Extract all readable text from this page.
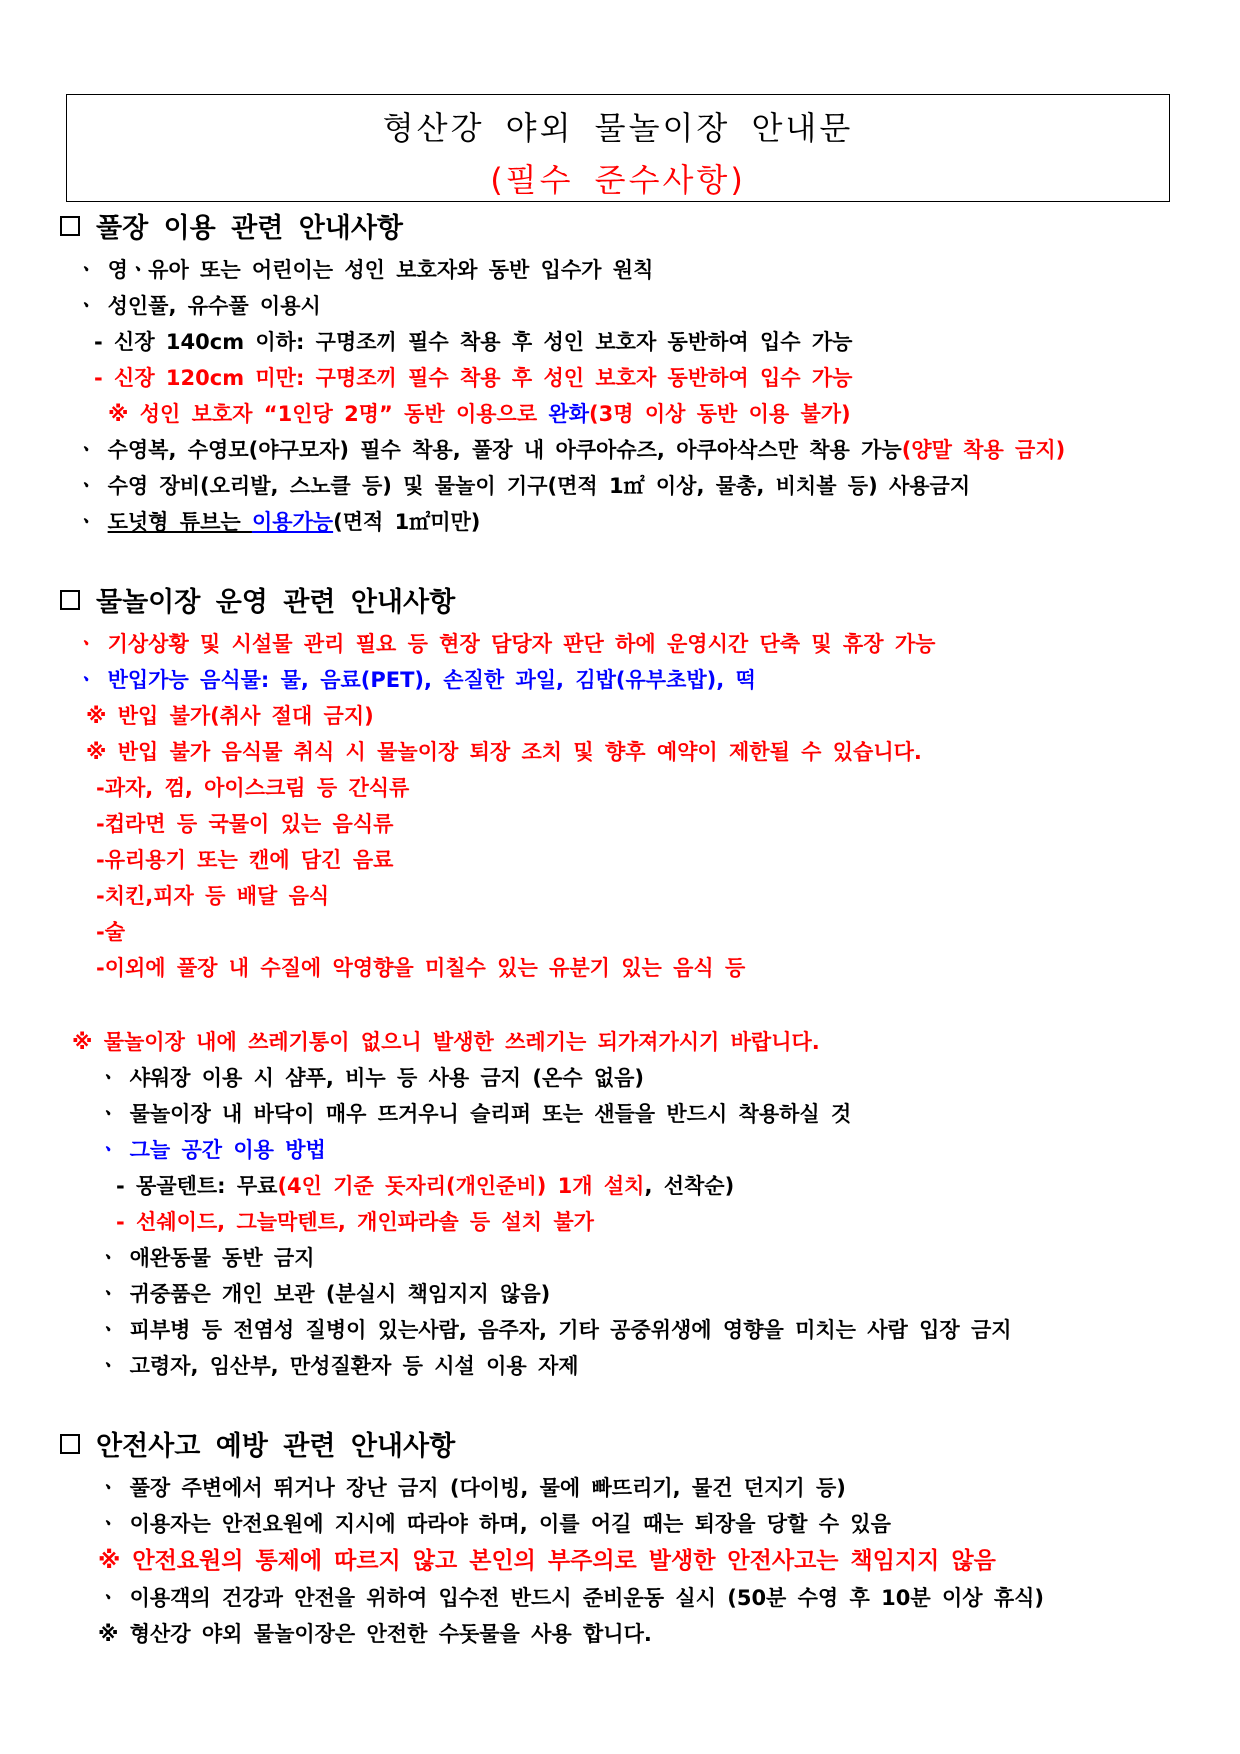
형산강 야외 물놀이장 안내문
(필수 준수사항)
풀장 이용 관련 안내사항
ㆍ 영ㆍ유아 또는 어린이는 성인 보호자와 동반 입수가 원칙
ㆍ 성인풀, 유수풀 이용시
- 신장 140cm 이하: 구명조끼 필수 착용 후 성인 보호자 동반하여 입수 가능
- 신장 120cm 미만: 구명조끼 필수 착용 후 성인 보호자 동반하여 입수 가능
※ 성인 보호자 “1인당 2명” 동반 이용으로 완화(3명 이상 동반 이용 불가)
ㆍ 수영복, 수영모(야구모자) 필수 착용, 풀장 내 아쿠아슈즈, 아쿠아삭스만 착용 가능(양말 착용 금지)
ㆍ 수영 장비(오리발, 스노클 등) 및 물놀이 기구(면적 1㎡ 이상, 물총, 비치볼 등) 사용금지
ㆍ 도넛형 튜브는 이용가능(면적 1㎡미만)
물놀이장 운영 관련 안내사항
ㆍ 기상상황 및 시설물 관리 필요 등 현장 담당자 판단 하에 운영시간 단축 및 휴장 가능
ㆍ 반입가능 음식물: 물, 음료(PET), 손질한 과일, 김밥(유부초밥), 떡
※ 반입 불가(취사 절대 금지)
※ 반입 불가 음식물 취식 시 물놀이장 퇴장 조치 및 향후 예약이 제한될 수 있습니다.
-과자, 껌, 아이스크림 등 간식류
-컵라면 등 국물이 있는 음식류
-유리용기 또는 캔에 담긴 음료
-치킨,피자 등 배달 음식
-술
-이외에 풀장 내 수질에 악영향을 미칠수 있는 유분기 있는 음식 등
※ 물놀이장 내에 쓰레기통이 없으니 발생한 쓰레기는 되가져가시기 바랍니다.
ㆍ 샤워장 이용 시 샴푸, 비누 등 사용 금지 (온수 없음)
ㆍ 물놀이장 내 바닥이 매우 뜨거우니 슬리퍼 또는 샌들을 반드시 착용하실 것
ㆍ 그늘 공간 이용 방법
- 몽골텐트: 무료(4인 기준 돗자리(개인준비) 1개 설치, 선착순)
- 선쉐이드, 그늘막텐트, 개인파라솔 등 설치 불가
ㆍ 애완동물 동반 금지
ㆍ 귀중품은 개인 보관 (분실시 책임지지 않음)
ㆍ 피부병 등 전염성 질병이 있는사람, 음주자, 기타 공중위생에 영향을 미치는 사람 입장 금지
ㆍ 고령자, 임산부, 만성질환자 등 시설 이용 자제
안전사고 예방 관련 안내사항
ㆍ 풀장 주변에서 뛰거나 장난 금지 (다이빙, 물에 빠뜨리기, 물건 던지기 등)
ㆍ 이용자는 안전요원에 지시에 따라야 하며, 이를 어길 때는 퇴장을 당할 수 있음
※ 안전요원의 통제에 따르지 않고 본인의 부주의로 발생한 안전사고는 책임지지 않음
ㆍ 이용객의 건강과 안전을 위하여 입수전 반드시 준비운동 실시 (50분 수영 후 10분 이상 휴식)
※ 형산강 야외 물놀이장은 안전한 수돗물을 사용 합니다.
